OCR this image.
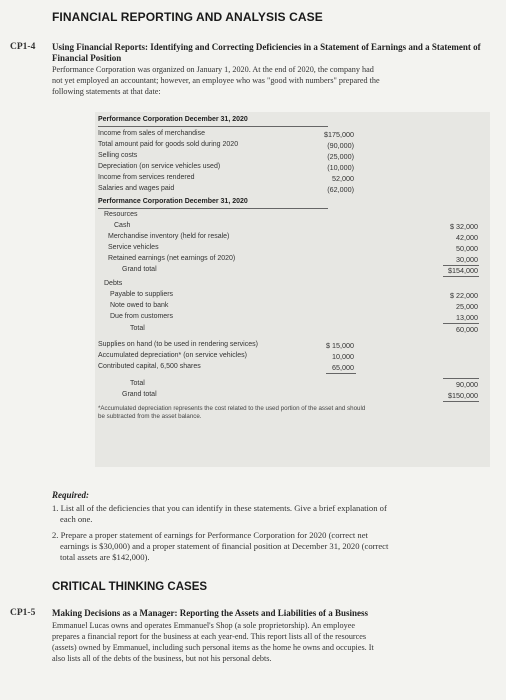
FINANCIAL REPORTING AND ANALYSIS CASE
CP1-4 Using Financial Reports: Identifying and Correcting Deficiencies in a Statement of Earnings and a Statement of Financial Position
Performance Corporation was organized on January 1, 2020. At the end of 2020, the company had
not yet employed an accountant; however, an employee who was "good with numbers" prepared the
following statements at that date:
Performance Corporation December 31, 2020
Income from sales of merchandise	$175,000
Total amount paid for goods sold during 2020	(90,000)
Selling costs	(25,000)
Depreciation (on service vehicles used)	(10,000)
Income from services rendered	52,000
Salaries and wages paid	(62,000)
Performance Corporation December 31, 2020
Resources
Cash	$ 32,000
Merchandise inventory (held for resale)	42,000
Service vehicles	50,000
Retained earnings (net earnings of 2020)	30,000
Grand total	$154,000
Debts
Payable to suppliers	$ 22,000
Note owed to bank	25,000
Due from customers	13,000
Total	60,000
Supplies on hand (to be used in rendering services)	$ 15,000
Accumulated depreciation* (on service vehicles)	10,000
Contributed capital, 6,500 shares	65,000
Total	90,000
Grand total	$150,000
*Accumulated depreciation represents the cost related to the used portion of the asset and should
be subtracted from the asset balance.
Required:
1. List all of the deficiencies that you can identify in these statements. Give a brief explanation of
each one.
2. Prepare a proper statement of earnings for Performance Corporation for 2020 (correct net
earnings is $30,000) and a proper statement of financial position at December 31, 2020 (correct
total assets are $142,000).
CRITICAL THINKING CASES
CP1-5 Making Decisions as a Manager: Reporting the Assets and Liabilities of a Business
Emmanuel Lucas owns and operates Emmanuel's Shop (a sole proprietorship). An employee
prepares a financial report for the business at each year-end. This report lists all of the resources
(assets) owned by Emmanuel, including such personal items as the home he owns and occupies. It
also lists all of the debts of the business, but not his personal debts.
